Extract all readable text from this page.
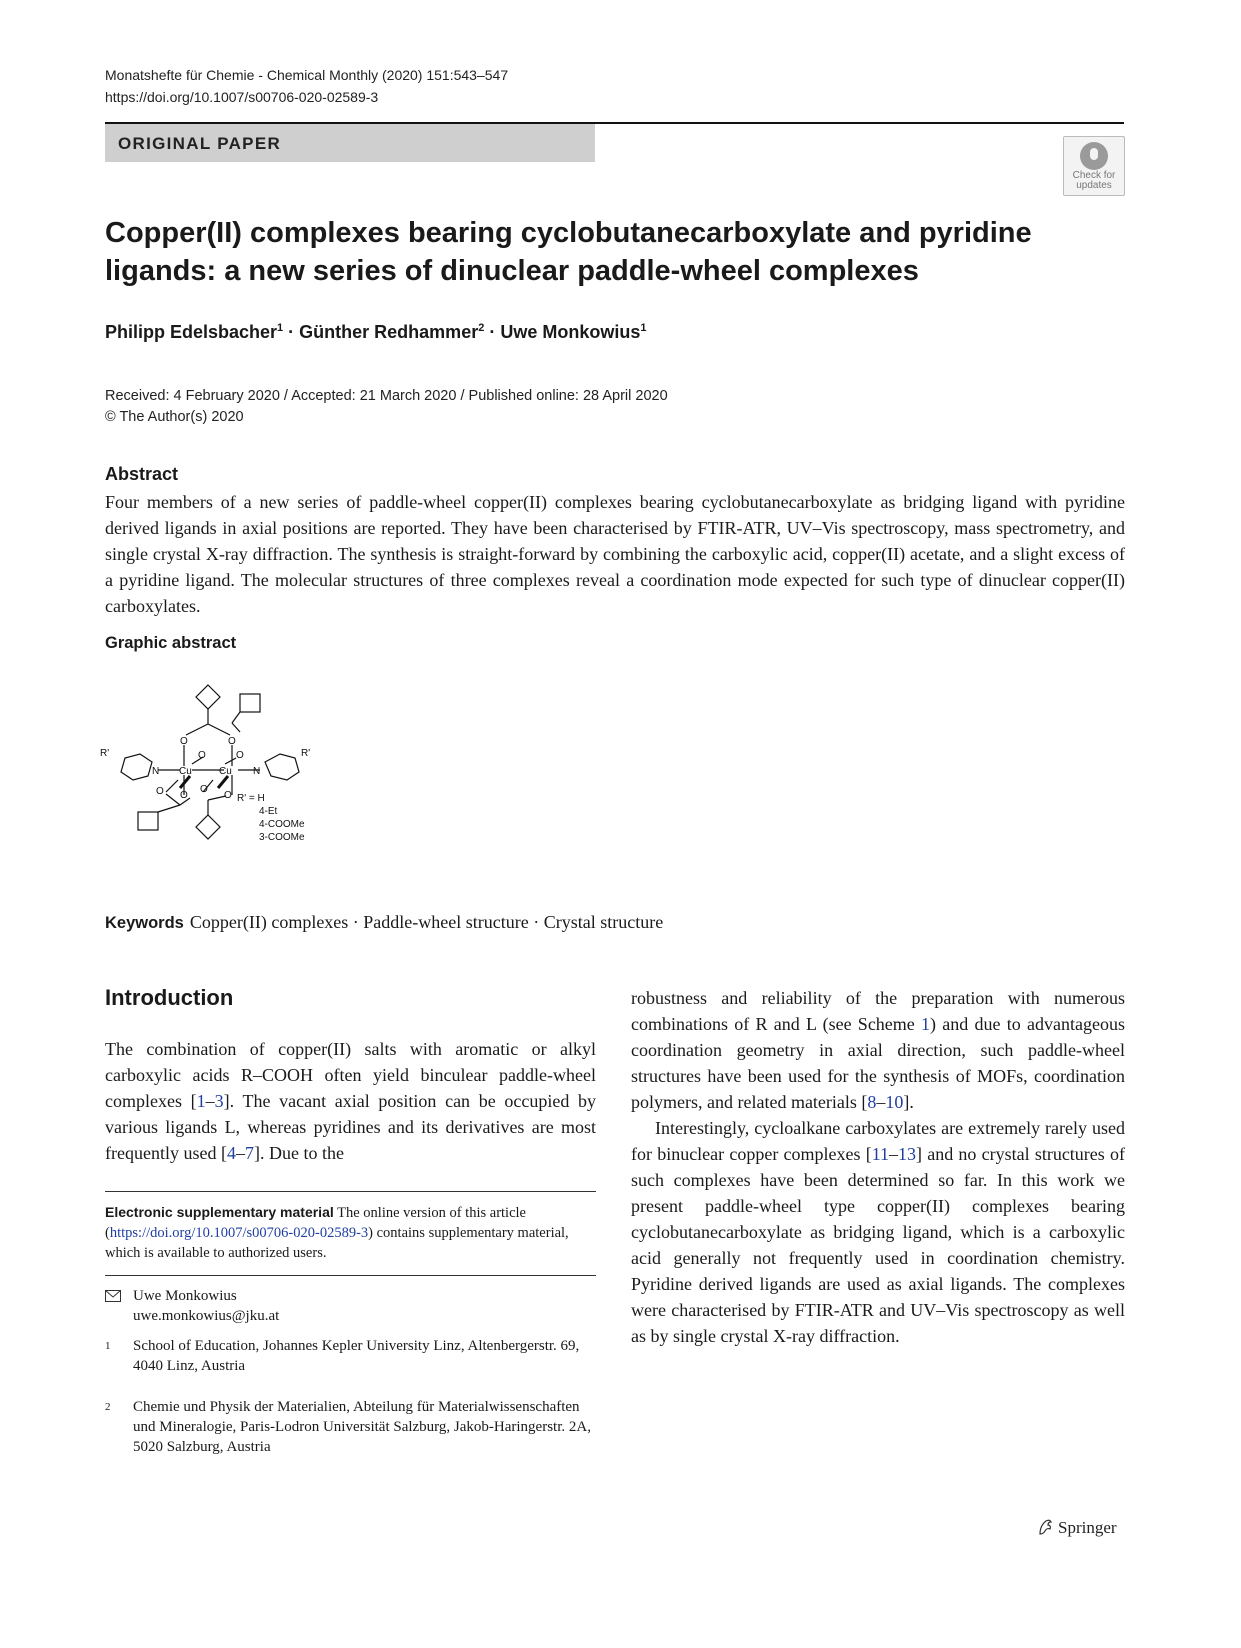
Monatshefte für Chemie - Chemical Monthly (2020) 151:543–547
https://doi.org/10.1007/s00706-020-02589-3
ORIGINAL PAPER
Check for
updates
Copper(II) complexes bearing cyclobutanecarboxylate and pyridine ligands: a new series of dinuclear paddle-wheel complexes
Philipp Edelsbacher$^1$ · Günther Redhammer$^2$ · Uwe Monkowius$^1$
Received: 4 February 2020 / Accepted: 21 March 2020 / Published online: 28 April 2020
© The Author(s) 2020
Abstract
Four members of a new series of paddle-wheel copper(II) complexes bearing cyclobutanecarboxylate as bridging ligand with pyridine derived ligands in axial positions are reported. They have been characterised by FTIR-ATR, UV–Vis spectroscopy, mass spectrometry, and single crystal X-ray diffraction. The synthesis is straight-forward by combining the carboxylic acid, copper(II) acetate, and a slight excess of a pyridine ligand. The molecular structures of three complexes reveal a coordination mode expected for such type of dinuclear copper(II) carboxylates.
Graphic abstract
R'	R'
N	N
Cu	Cu
O	O
O	O
O O
O
O R' = H
4-Et
4-COOMe
3-COOMe
Keywords Copper(II) complexes · Paddle-wheel structure · Crystal structure
Introduction
The combination of copper(II) salts with aromatic or alkyl carboxylic acids R–COOH often yield binculear paddle-wheel complexes [1–3]. The vacant axial position can be occupied by various ligands L, whereas pyridines and its derivatives are most frequently used [4–7]. Due to the

robustness and reliability of the preparation with numerous combinations of R and L (see Scheme 1) and due to advantageous coordination geometry in axial direction, such paddle-wheel structures have been used for the synthesis of MOFs, coordination polymers, and related materials [8–10].

Interestingly, cycloalkane carboxylates are extremely rarely used for binuclear copper complexes [11–13] and no crystal structures of such complexes have been determined so far. In this work we present paddle-wheel type copper(II) complexes bearing cyclobutanecarboxylate as bridging ligand, which is a carboxylic acid generally not frequently used in coordination chemistry. Pyridine derived ligands are used as axial ligands. The complexes were characterised by FTIR-ATR and UV–Vis spectroscopy as well as by single crystal X-ray diffraction.

Electronic supplementary material The online version of this article (https://doi.org/10.1007/s00706-020-02589-3) contains supplementary material, which is available to authorized users.
Uwe Monkowius
uwe.monkowius@jku.at
1 School of Education, Johannes Kepler University Linz, Altenbergerstr. 69, 4040 Linz, Austria
2 Chemie und Physik der Materialien, Abteilung für Materialwissenschaften und Mineralogie, Paris-Lodron Universität Salzburg, Jakob-Haringerstr. 2A, 5020 Salzburg, Austria
Springer
